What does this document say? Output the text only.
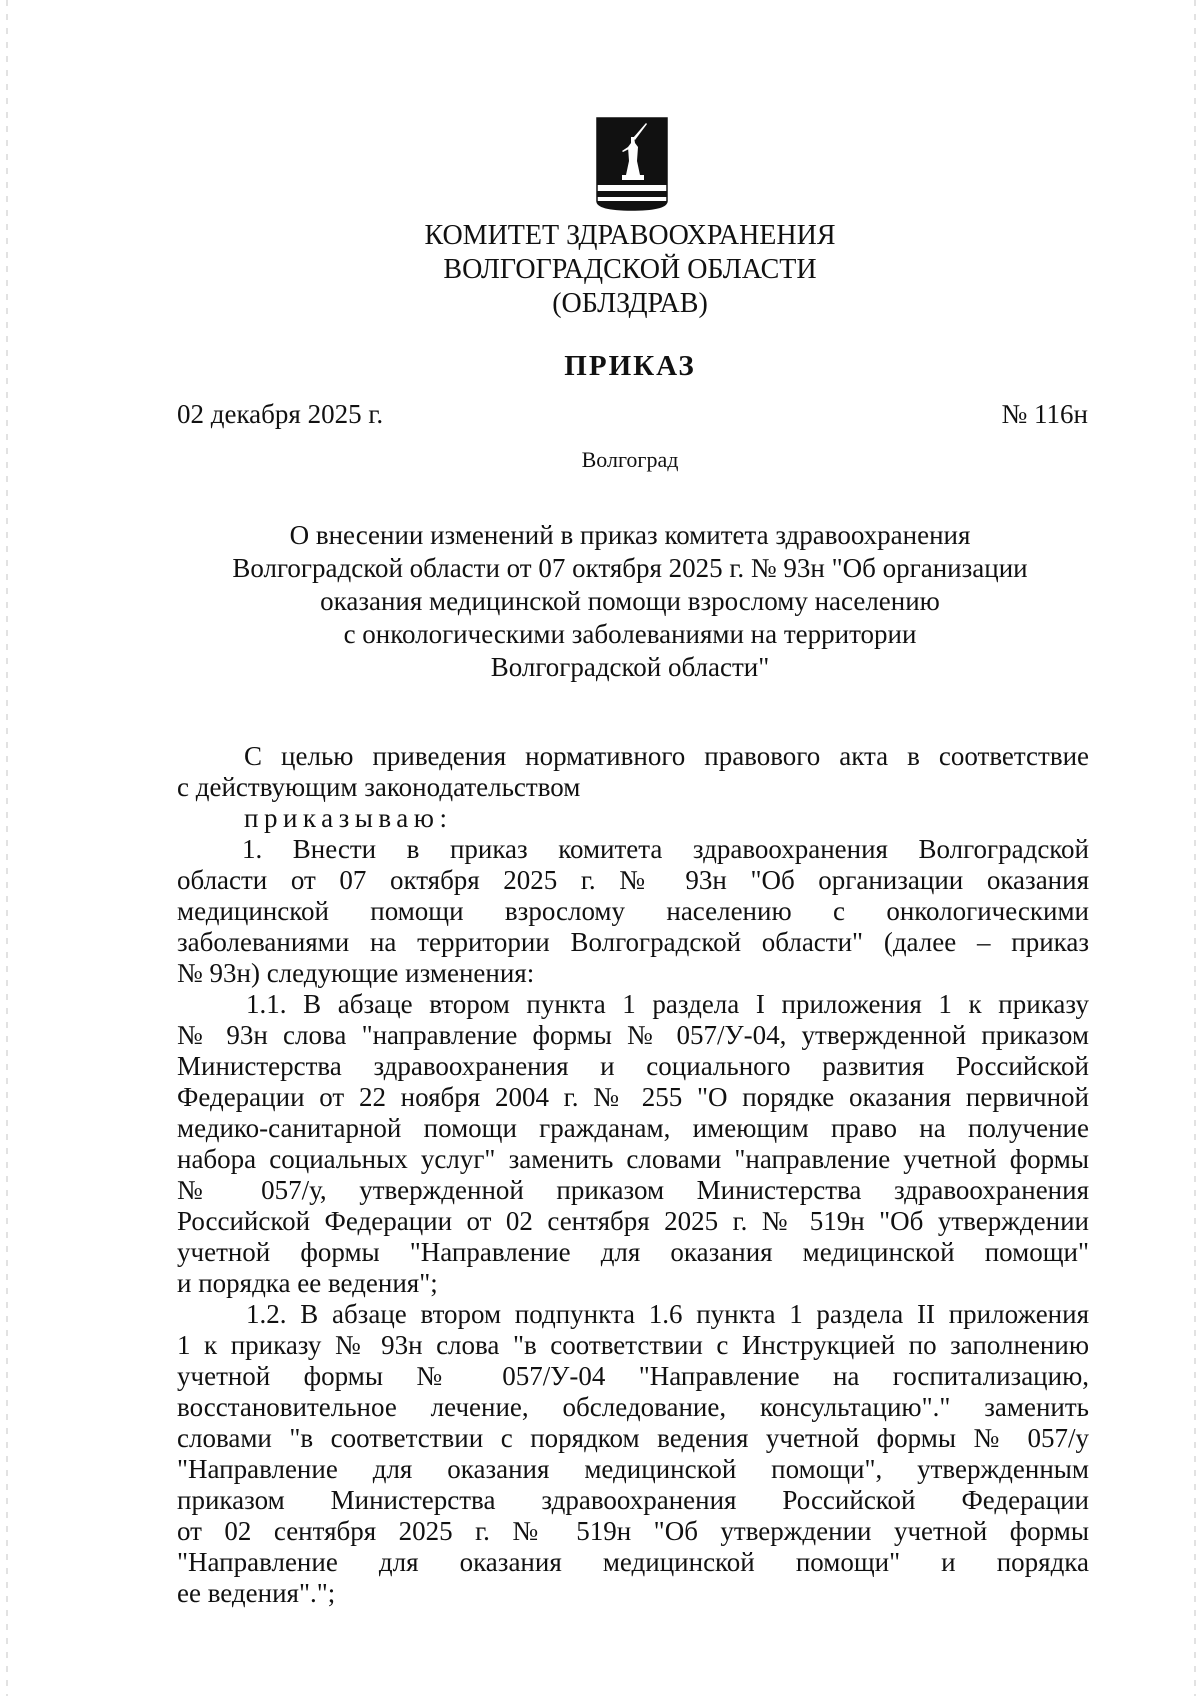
КОМИТЕТ ЗДРАВООХРАНЕНИЯ
ВОЛГОГРАДСКОЙ ОБЛАСТИ
(ОБЛЗДРАВ)
ПРИКАЗ
02 декабря 2025 г.	№ 116н
Волгоград
О внесении изменений в приказ комитета здравоохранения
Волгоградской области от 07 октября 2025 г. № 93н "Об организации
оказания медицинской помощи взрослому населению
с онкологическими заболеваниями на территории
Волгоградской области"
С целью приведения нормативного правового акта в соответствие
с действующим законодательством
приказываю:
1. Внести в приказ комитета здравоохранения Волгоградской
области от 07 октября 2025 г. № 93н "Об организации оказания
медицинской помощи взрослому населению с онкологическими
заболеваниями на территории Волгоградской области" (далее – приказ
№ 93н) следующие изменения:
1.1. В абзаце втором пункта 1 раздела I приложения 1 к приказу
№ 93н слова "направление формы № 057/У-04, утвержденной приказом
Министерства здравоохранения и социального развития Российской
Федерации от 22 ноября 2004 г. № 255 "О порядке оказания первичной
медико-санитарной помощи гражданам, имеющим право на получение
набора социальных услуг" заменить словами "направление учетной формы
№ 057/у, утвержденной приказом Министерства здравоохранения
Российской Федерации от 02 сентября 2025 г. № 519н "Об утверждении
учетной формы "Направление для оказания медицинской помощи"
и порядка ее ведения";
1.2. В абзаце втором подпункта 1.6 пункта 1 раздела II приложения
1 к приказу № 93н слова "в соответствии с Инструкцией по заполнению
учетной формы № 057/У-04 "Направление на госпитализацию,
восстановительное лечение, обследование, консультацию"." заменить
словами "в соответствии с порядком ведения учетной формы № 057/у
"Направление для оказания медицинской помощи", утвержденным
приказом Министерства здравоохранения Российской Федерации
от 02 сентября 2025 г. № 519н "Об утверждении учетной формы
"Направление для оказания медицинской помощи" и порядка
ее ведения".";
